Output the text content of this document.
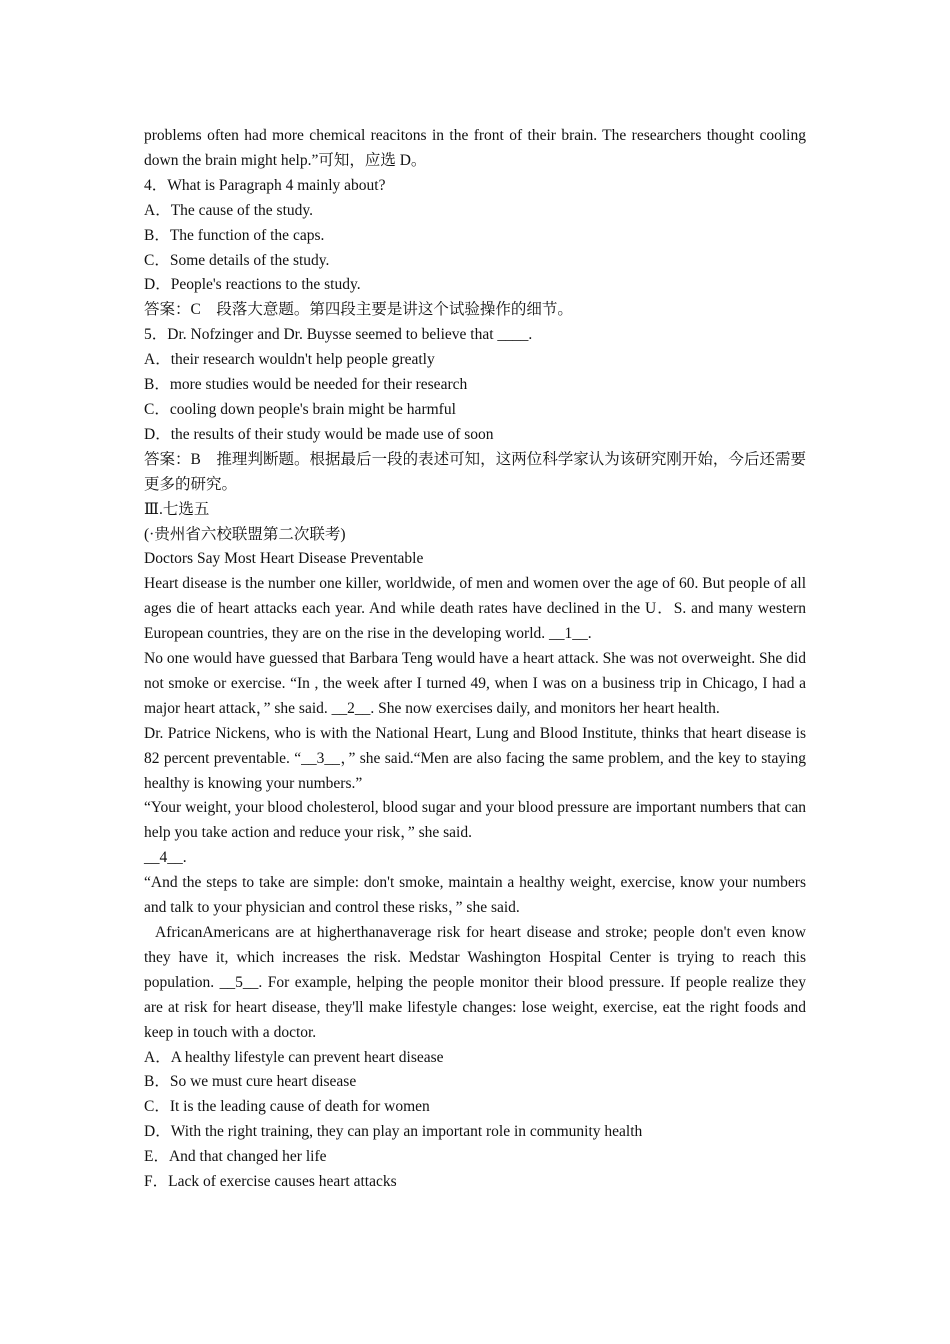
problems often had more chemical reacitons in the front of their brain. The researchers thought cooling down the brain might help.”可知，应选 D。

4．What is Paragraph 4 mainly about?

A．The cause of the study.

B．The function of the caps.

C．Some details of the study.

D．People's reactions to the study.

答案：C　段落大意题。第四段主要是讲这个试验操作的细节。

5．Dr. Nofzinger and Dr. Buysse seemed to believe that ____.

A．their research wouldn't help people greatly

B．more studies would be needed for their research

C．cooling down people's brain might be harmful

D．the results of their study would be made use of soon

答案：B　推理判断题。根据最后一段的表述可知，这两位科学家认为该研究刚开始，今后还需要更多的研究。

Ⅲ.七选五

(·贵州省六校联盟第二次联考)

Doctors Say Most Heart Disease Preventable

Heart disease is the number one killer, worldwide, of men and women over the age of 60. But people of all ages die of heart attacks each year. And while death rates have declined in the U．S. and many western European countries, they are on the rise in the developing world. __1__.

No one would have guessed that Barbara Teng would have a heart attack. She was not overweight. She did not smoke or exercise. “In , the week after I turned 49, when I was on a business trip in Chicago, I had a major heart attack，” she said. __2__. She now exercises daily, and monitors her heart health.

Dr. Patrice Nickens, who is with the National Heart, Lung and Blood Institute, thinks that heart disease is 82 percent preventable. “__3__，” she said.“Men are also facing the same problem, and the key to staying healthy is knowing your numbers.”

“Your weight, your blood cholesterol, blood sugar and your blood pressure are important numbers that can help you take action and reduce your risk，” she said.

__4__.

“And the steps to take are simple: don't smoke, maintain a healthy weight, exercise, know your numbers and talk to your physician and control these risks，” she said.

AfricanAmericans are at higherthanaverage risk for heart disease and stroke; people don't even know they have it, which increases the risk. Medstar Washington Hospital Center is trying to reach this population. __5__. For example, helping the people monitor their blood pressure. If people realize they are at risk for heart disease, they'll make lifestyle changes: lose weight, exercise, eat the right foods and keep in touch with a doctor.

A．A healthy lifestyle can prevent heart disease

B．So we must cure heart disease

C．It is the leading cause of death for women

D．With the right training, they can play an important role in community health

E．And that changed her life

F．Lack of exercise causes heart attacks
